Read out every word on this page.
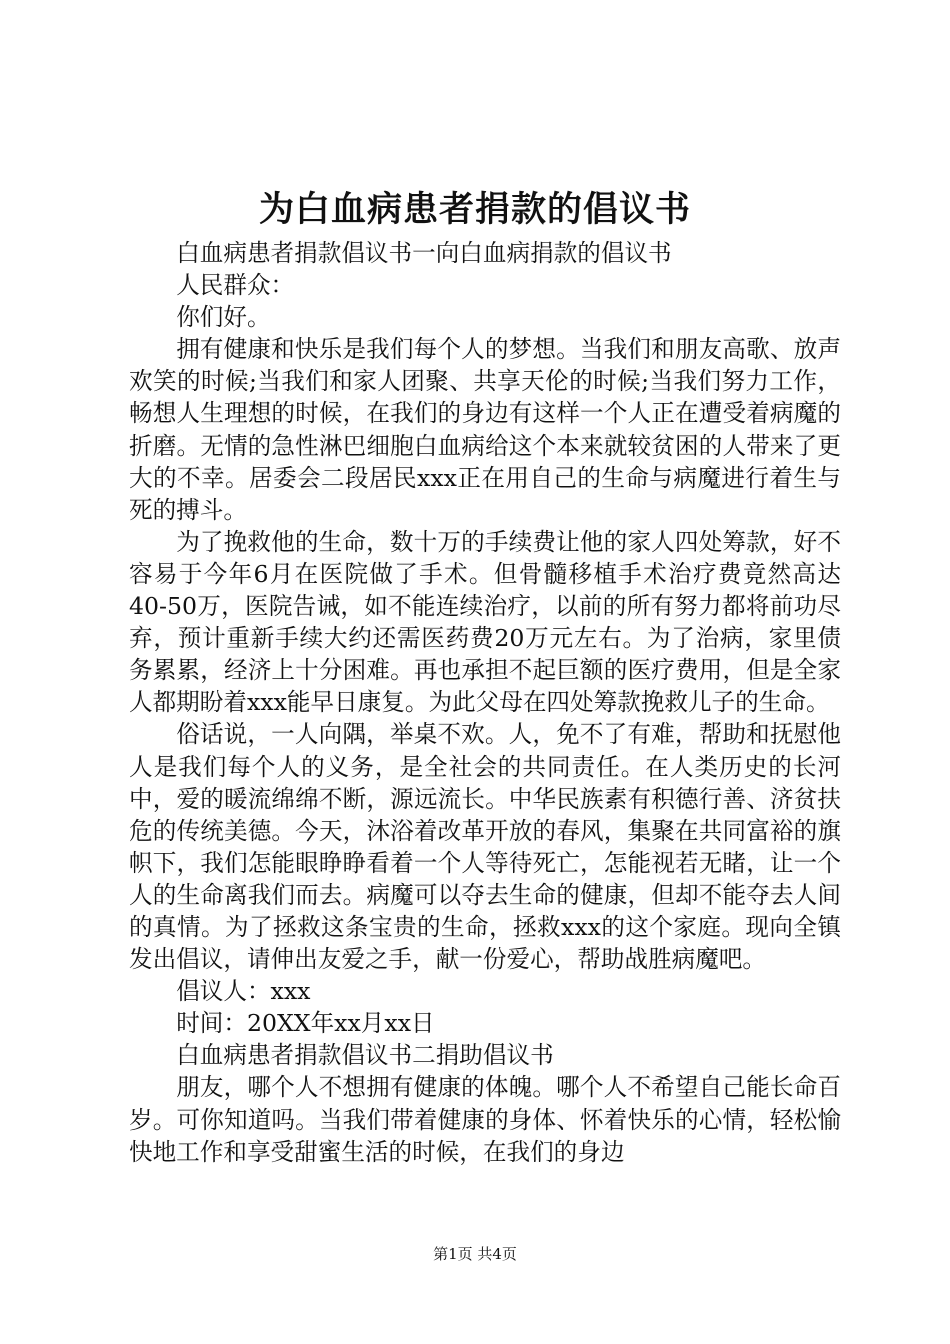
为白血病患者捐款的倡议书

白血病患者捐款倡议书一向白血病捐款的倡议书

人民群众：

你们好。

拥有健康和快乐是我们每个人的梦想。当我们和朋友高歌、放声欢笑的时候;当我们和家人团聚、共享天伦的时候;当我们努力工作，畅想人生理想的时候，在我们的身边有这样一个人正在遭受着病魔的折磨。无情的急性淋巴细胞白血病给这个本来就较贫困的人带来了更大的不幸。居委会二段居民xxx正在用自己的生命与病魔进行着生与死的搏斗。

为了挽救他的生命，数十万的手续费让他的家人四处筹款，好不容易于今年6月在医院做了手术。但骨髓移植手术治疗费竟然高达40-50万，医院告诫，如不能连续治疗，以前的所有努力都将前功尽弃，预计重新手续大约还需医药费20万元左右。为了治病，家里债务累累，经济上十分困难。再也承担不起巨额的医疗费用，但是全家人都期盼着xxx能早日康复。为此父母在四处筹款挽救儿子的生命。

俗话说，一人向隅，举桌不欢。人，免不了有难，帮助和抚慰他人是我们每个人的义务，是全社会的共同责任。在人类历史的长河中，爱的暖流绵绵不断，源远流长。中华民族素有积德行善、济贫扶危的传统美德。今天，沐浴着改革开放的春风，集聚在共同富裕的旗帜下，我们怎能眼睁睁看着一个人等待死亡，怎能视若无睹，让一个人的生命离我们而去。病魔可以夺去生命的健康，但却不能夺去人间的真情。为了拯救这条宝贵的生命，拯救xxx的这个家庭。现向全镇发出倡议，请伸出友爱之手，献一份爱心，帮助战胜病魔吧。

倡议人：xxx

时间：20XX年xx月xx日

白血病患者捐款倡议书二捐助倡议书

朋友，哪个人不想拥有健康的体魄。哪个人不希望自己能长命百岁。可你知道吗。当我们带着健康的身体、怀着快乐的心情，轻松愉快地工作和享受甜蜜生活的时候，在我们的身边

第1页 共4页
